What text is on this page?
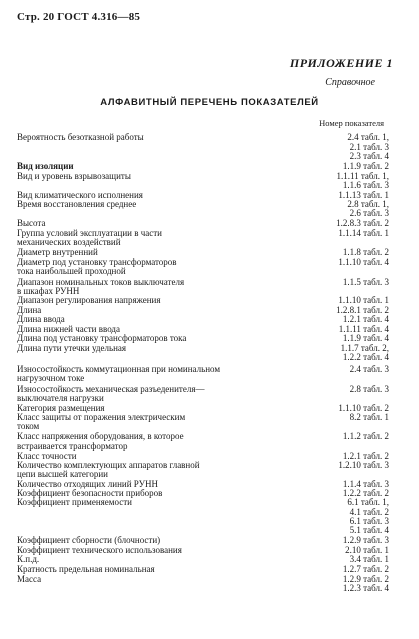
Стр. 20 ГОСТ 4.316—85
ПРИЛОЖЕНИЕ 1
Справочное
АЛФАВИТНЫЙ ПЕРЕЧЕНЬ ПОКАЗАТЕЛЕЙ
Номер показателя
Вероятность безотказной работы	2.4 табл. 1,
2.1 табл. 3
2.3 табл. 4
Вид изоляции	1.1.9 табл. 2
Вид и уровень взрывозащиты	1.1.11 табл. 1,
1.1.6 табл. 3
Вид климатического исполнения	1.1.13 табл. 1
Время восстановления среднее	2.8 табл. 1,
2.6 табл. 3
Высота	1.2.8.3 табл. 2
Группа условий эксплуатации в части	1.1.14 табл. 1
механических воздействий
Диаметр внутренний	1.1.8 табл. 2
Диаметр под установку трансформаторов	1.1.10 табл. 4
тока наибольшей проходной
Диапазон номинальных токов выключателя	1.1.5 табл. 3
в шкафах РУНН
Диапазон регулирования напряжения	1.1.10 табл. 1
Длина	1.2.8.1 табл. 2
Длина ввода	1.2.1 табл. 4
Длина нижней части ввода	1.1.11 табл. 4
Длина под установку трансформаторов тока	1.1.9 табл. 4
Длина пути утечки удельная	1.1.7 табл. 2,
1.2.2 табл. 4
Износостойкость коммутационная при номинальном	2.4 табл. 3
нагрузочном токе
Износостойкость механическая разъеденителя—	2.8 табл. 3
выключателя нагрузки
Категория размещения	1.1.10 табл. 2
Класс защиты от поражения электрическим	8.2 табл. 1
током
Класс напряжения оборудования, в которое	1.1.2 табл. 2
встраивается трансформатор
Класс точности	1.2.1 табл. 2
Количество комплектующих аппаратов главной	1.2.10 табл. 3
цепи высшей категории
Количество отходящих линий РУНН	1.1.4 табл. 3
Коэффициент безопасности приборов	1.2.2 табл. 2
Коэффициент применяемости	6.1 табл. 1,
4.1 табл. 2
6.1 табл. 3
5.1 табл. 4
Коэффициент сборности (блочности)	1.2.9 табл. 3
Коэффициент технического использования	2.10 табл. 1
К.п.д.	3.4 табл. 1
Кратность предельная номинальная	1.2.7 табл. 2
Масса	1.2.9 табл. 2
1.2.3 табл. 4
